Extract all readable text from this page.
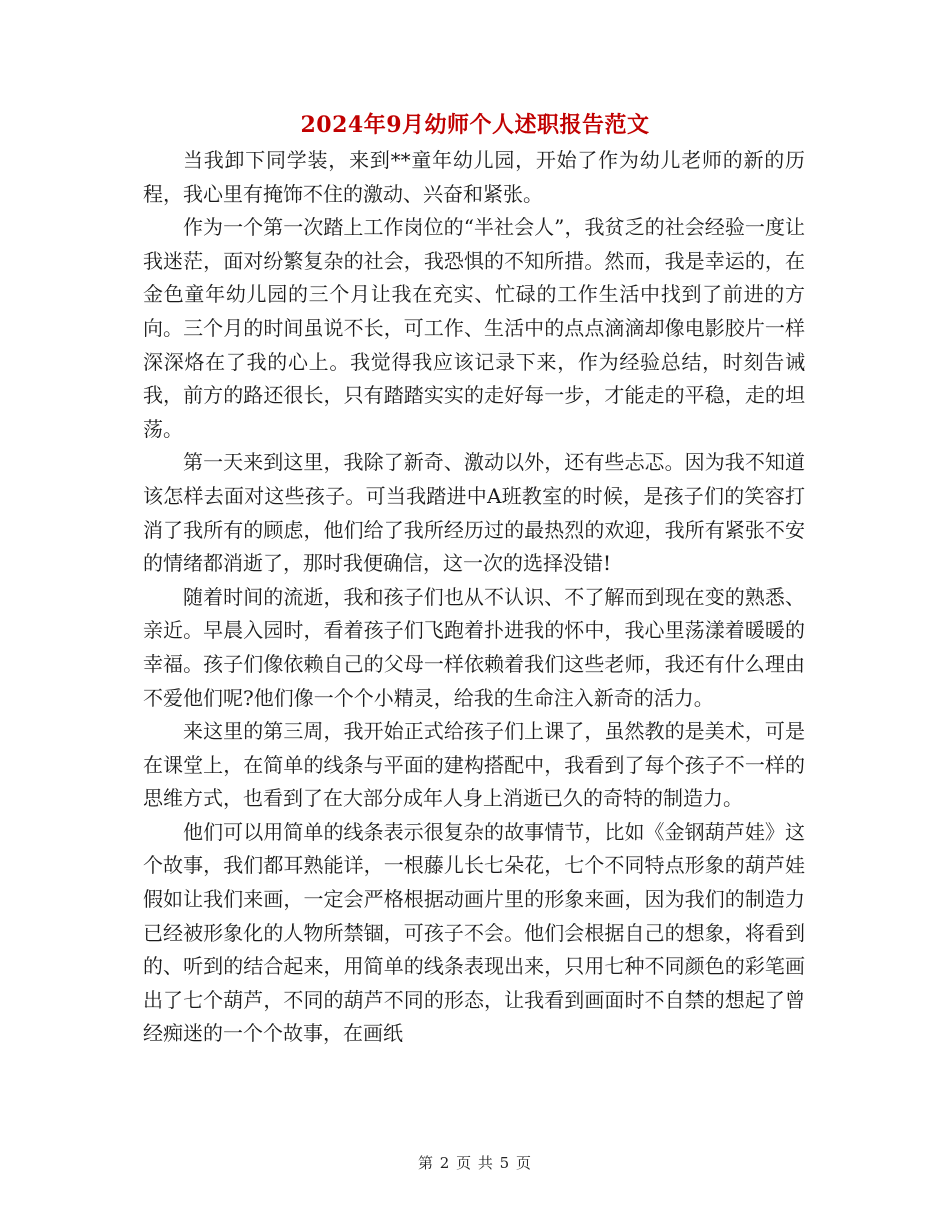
2024年9月幼师个人述职报告范文

当我卸下同学装，来到**童年幼儿园，开始了作为幼儿老师的新的历程，我心里有掩饰不住的激动、兴奋和紧张。

作为一个第一次踏上工作岗位的“半社会人”，我贫乏的社会经验一度让我迷茫，面对纷繁复杂的社会，我恐惧的不知所措。然而，我是幸运的，在金色童年幼儿园的三个月让我在充实、忙碌的工作生活中找到了前进的方向。三个月的时间虽说不长，可工作、生活中的点点滴滴却像电影胶片一样深深烙在了我的心上。我觉得我应该记录下来，作为经验总结，时刻告诫我，前方的路还很长，只有踏踏实实的走好每一步，才能走的平稳，走的坦荡。

第一天来到这里，我除了新奇、激动以外，还有些忐忑。因为我不知道该怎样去面对这些孩子。可当我踏进中A班教室的时候，是孩子们的笑容打消了我所有的顾虑，他们给了我所经历过的最热烈的欢迎，我所有紧张不安的情绪都消逝了，那时我便确信，这一次的选择没错!

随着时间的流逝，我和孩子们也从不认识、不了解而到现在变的熟悉、亲近。早晨入园时，看着孩子们飞跑着扑进我的怀中，我心里荡漾着暖暖的幸福。孩子们像依赖自己的父母一样依赖着我们这些老师，我还有什么理由不爱他们呢?他们像一个个小精灵，给我的生命注入新奇的活力。

来这里的第三周，我开始正式给孩子们上课了，虽然教的是美术，可是在课堂上，在简单的线条与平面的建构搭配中，我看到了每个孩子不一样的思维方式，也看到了在大部分成年人身上消逝已久的奇特的制造力。

他们可以用简单的线条表示很复杂的故事情节，比如《金钢葫芦娃》这个故事，我们都耳熟能详，一根藤儿长七朵花，七个不同特点形象的葫芦娃假如让我们来画，一定会严格根据动画片里的形象来画，因为我们的制造力已经被形象化的人物所禁锢，可孩子不会。他们会根据自己的想象，将看到的、听到的结合起来，用简单的线条表现出来，只用七种不同颜色的彩笔画出了七个葫芦，不同的葫芦不同的形态，让我看到画面时不自禁的想起了曾经痴迷的一个个故事，在画纸

第 2 页 共 5 页
